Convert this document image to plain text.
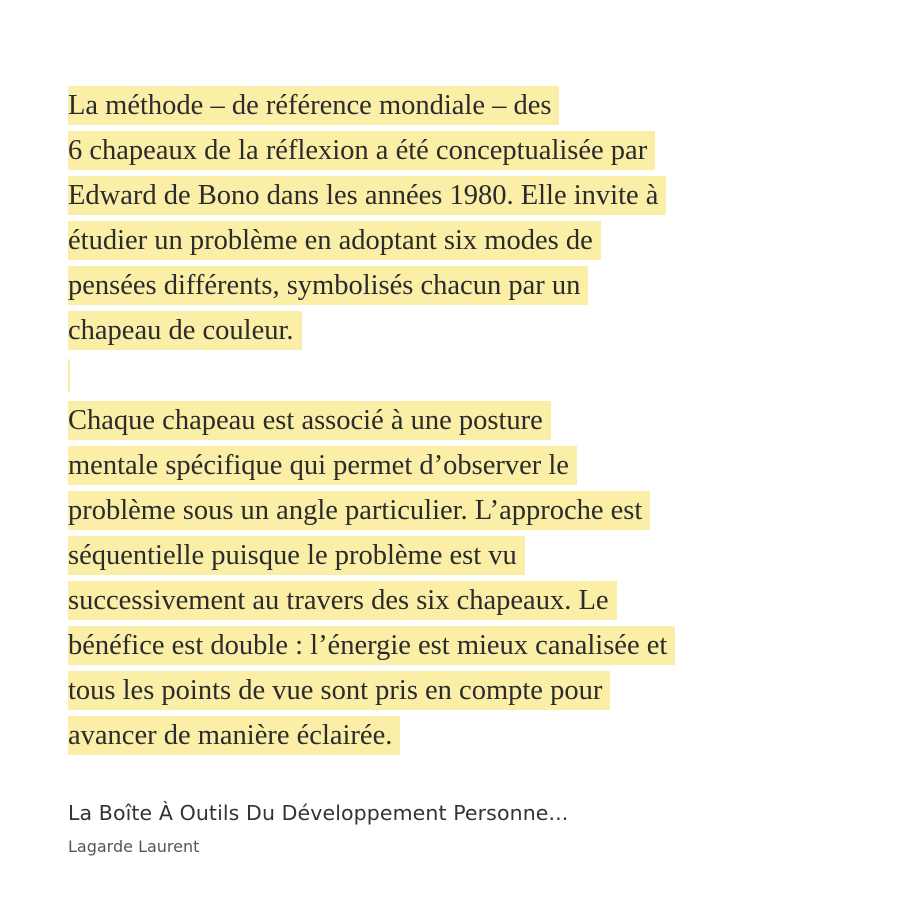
La méthode – de référence mondiale – des
6 chapeaux de la réflexion a été conceptualisée par
Edward de Bono dans les années 1980. Elle invite à
étudier un problème en adoptant six modes de
pensées différents, symbolisés chacun par un
chapeau de couleur.
Chaque chapeau est associé à une posture
mentale spécifique qui permet d’observer le
problème sous un angle particulier. L’approche est
séquentielle puisque le problème est vu
successivement au travers des six chapeaux. Le
bénéfice est double : l’énergie est mieux canalisée et
tous les points de vue sont pris en compte pour
avancer de manière éclairée.
La Boîte À Outils Du Développement Personne...
Lagarde Laurent
